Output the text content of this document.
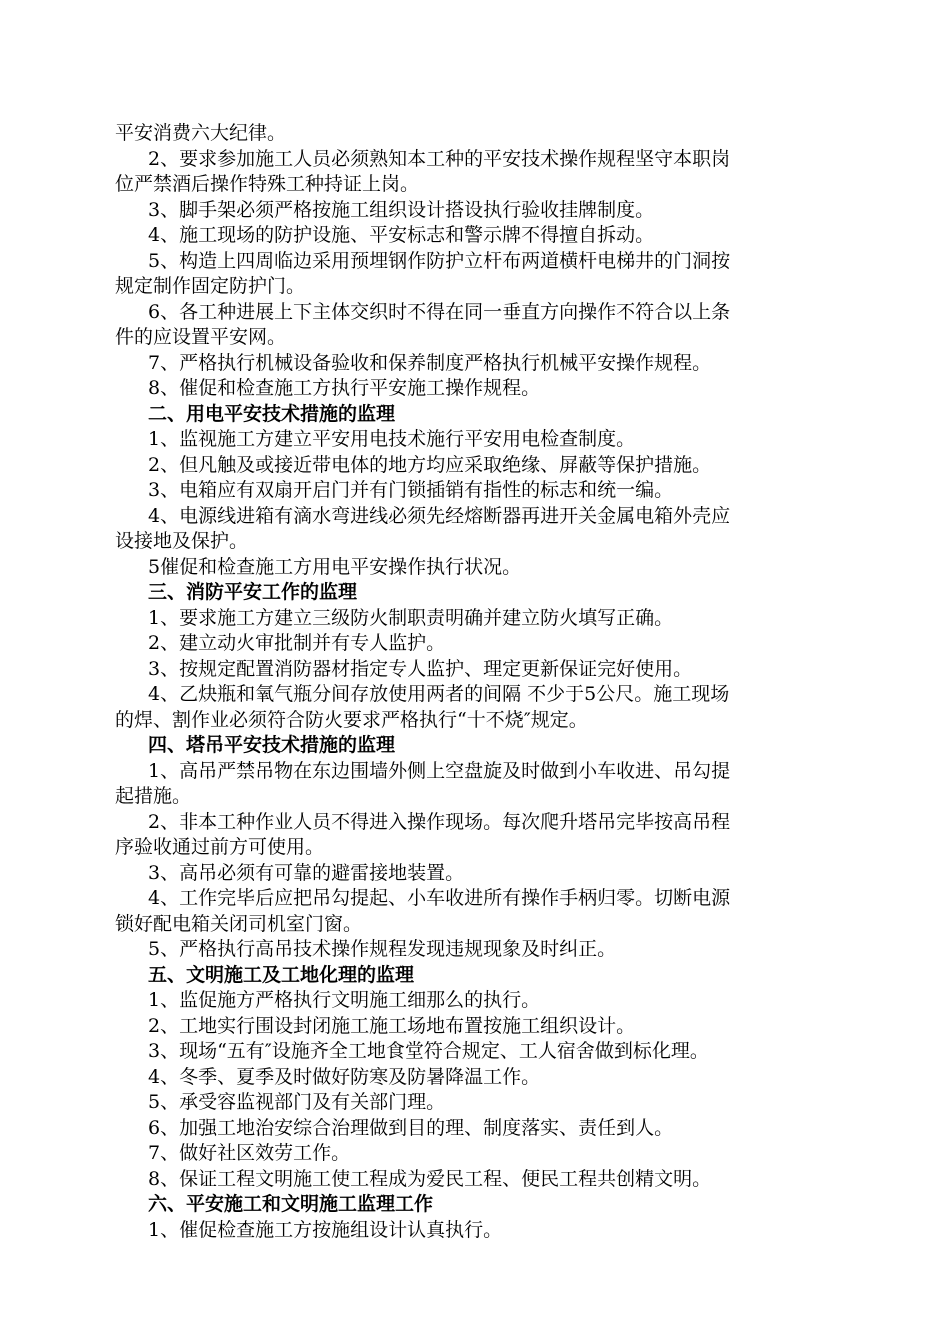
平安消费六大纪律。
2、要求参加施工人员必须熟知本工种的平安技术操作规程坚守本职岗
位严禁酒后操作特殊工种持证上岗。
3、脚手架必须严格按施工组织设计搭设执行验收挂牌制度。
4、施工现场的防护设施、平安标志和警示牌不得擅自拆动。
5、构造上四周临边采用预埋钢作防护立杆布两道横杆电梯井的门洞按
规定制作固定防护门。
6、各工种进展上下主体交织时不得在同一垂直方向操作不符合以上条
件的应设置平安网。
7、严格执行机械设备验收和保养制度严格执行机械平安操作规程。
8、催促和检查施工方执行平安施工操作规程。
二、用电平安技术措施的监理
1、监视施工方建立平安用电技术施行平安用电检查制度。
2、但凡触及或接近带电体的地方均应采取绝缘、屏蔽等保护措施。
3、电箱应有双扇开启门并有门锁插销有指性的标志和统一编。
4、电源线进箱有滴水弯进线必须先经熔断器再进开关金属电箱外壳应
设接地及保护。
5催促和检查施工方用电平安操作执行状况。
三、消防平安工作的监理
1、要求施工方建立三级防火制职责明确并建立防火填写正确。
2、建立动火审批制并有专人监护。
3、按规定配置消防器材指定专人监护、理定更新保证完好使用。
4、乙炔瓶和氧气瓶分间存放使用两者的间隔 不少于5公尺。施工现场
的焊、割作业必须符合防火要求严格执行“十不烧″规定。
四、塔吊平安技术措施的监理
1、高吊严禁吊物在东边围墙外侧上空盘旋及时做到小车收进、吊勾提
起措施。
2、非本工种作业人员不得进入操作现场。每次爬升塔吊完毕按高吊程
序验收通过前方可使用。
3、高吊必须有可靠的避雷接地装置。
4、工作完毕后应把吊勾提起、小车收进所有操作手柄归零。切断电源
锁好配电箱关闭司机室门窗。
5、严格执行高吊技术操作规程发现违规现象及时纠正。
五、文明施工及工地化理的监理
1、监促施方严格执行文明施工细那么的执行。
2、工地实行围设封闭施工施工场地布置按施工组织设计。
3、现场“五有″设施齐全工地食堂符合规定、工人宿舍做到标化理。
4、冬季、夏季及时做好防寒及防暑降温工作。
5、承受容监视部门及有关部门理。
6、加强工地治安综合治理做到目的理、制度落实、责任到人。
7、做好社区效劳工作。
8、保证工程文明施工使工程成为爱民工程、便民工程共创精文明。
六、平安施工和文明施工监理工作
1、催促检查施工方按施组设计认真执行。
